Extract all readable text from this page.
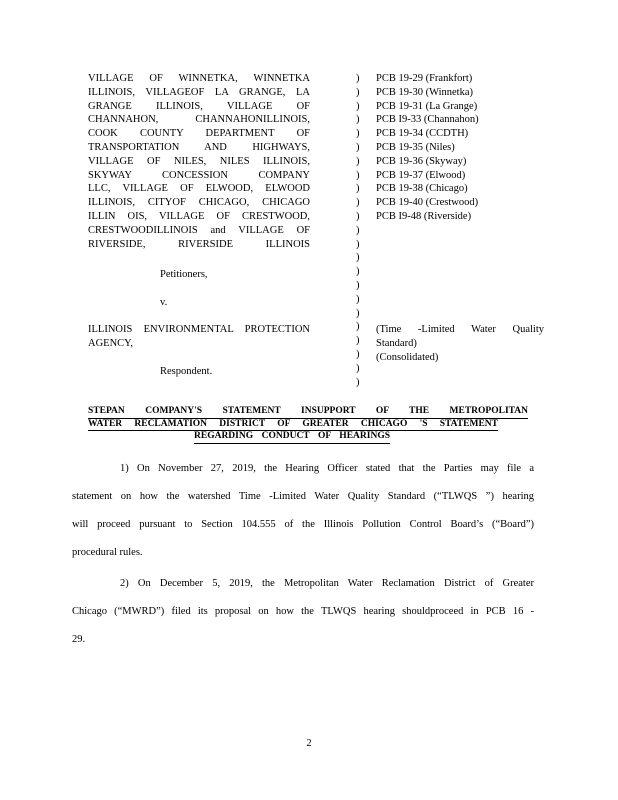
VILLAGE OF WINNETKA, WINNETKA
ILLINOIS, VILLAGEOF LA GRANGE, LA
GRANGE ILLINOIS, VILLAGE OF
CHANNAHON, CHANNAHONILLINOIS,
COOK COUNTY DEPARTMENT OF
TRANSPORTATION AND HIGHWAYS,
VILLAGE OF NILES, NILES ILLINOIS,
SKYWAY CONCESSION COMPANY
LLC, VILLAGE OF ELWOOD, ELWOOD
ILLINOIS, CITYOF CHICAGO, CHICAGO
ILLIN OIS, VILLAGE OF CRESTWOOD,
CRESTWOODILLINOIS and VILLAGE OF
RIVERSIDE, RIVERSIDE ILLINOIS
Petitioners,
v.
ILLINOIS ENVIRONMENTAL PROTECTION
AGENCY,
Respondent.
)
)
)
)
)
)
)
)
)
)
)
)
)
)
)
)
)
)
)
)
)
)
)
PCB 19-29 (Frankfort)
PCB 19-30 (Winnetka)
PCB 19-31 (La Grange)
PCB I9-33 (Channahon)
PCB 19-34 (CCDTH)
PCB 19-35 (Niles)
PCB 19-36 (Skyway)
PCB 19-37 (Elwood)
PCB 19-38 (Chicago)
PCB 19-40 (Crestwood)
PCB I9-48 (Riverside)
(Time -Limited Water Quality
Standard)
(Consolidated)
STEPAN COMPANY'S STATEMENT INSUPPORT OF THE METROPOLITAN
WATER RECLAMATION DISTRICT OF GREATER CHICAGO 'S STATEMENT
REGARDING CONDUCT OF HEARINGS
1) On November 27, 2019, the Hearing Officer stated that the Parties may file a
statement on how the watershed Time -Limited Water Quality Standard (“TLWQS ”) hearing
will proceed pursuant to Section 104.555 of the Illinois Pollution Control Board’s (“Board”)
procedural rules.
2) On December 5, 2019, the Metropolitan Water Reclamation District of Greater
Chicago (“MWRD”) filed its proposal on how the TLWQS hearing shouldproceed in PCB 16 -
29.
2
